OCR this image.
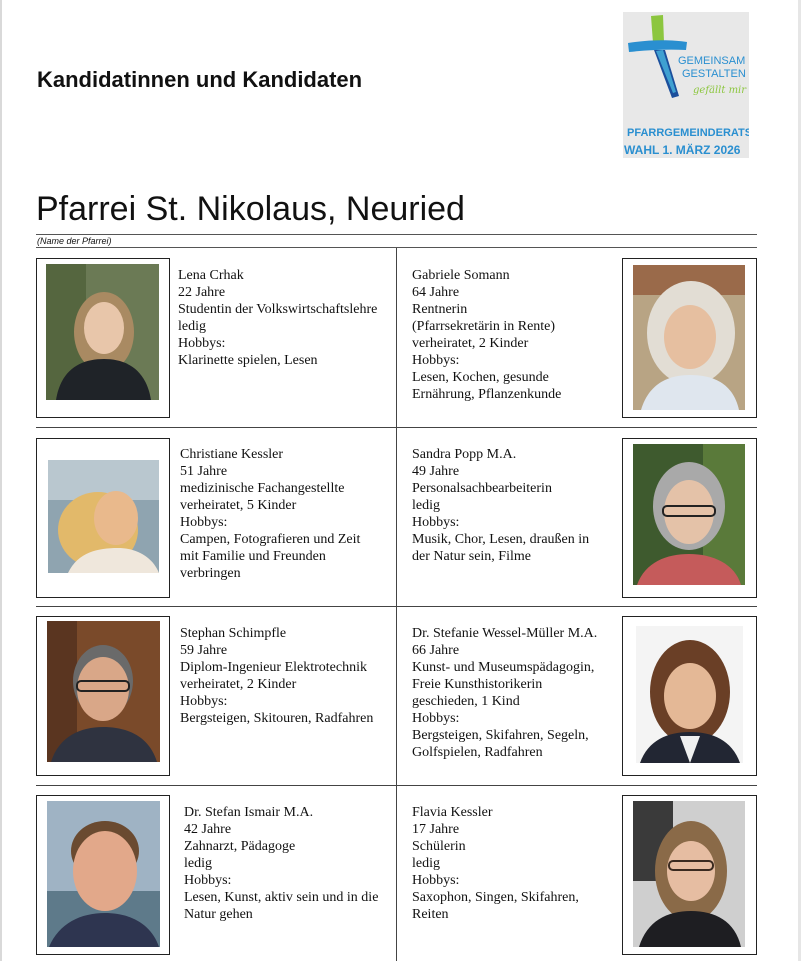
Kandidatinnen und Kandidaten
GEMEINSAM
GESTALTEN
gefällt mir
PFARRGEMEINDERATS-
WAHL 1. MÄRZ 2026
Pfarrei St. Nikolaus, Neuried
(Name der Pfarrei)
Lena Crhak
22 Jahre
Studentin der Volkswirtschaftslehre
ledig
Hobbys:
Klarinette spielen, Lesen
Gabriele Somann
64 Jahre
Rentnerin
(Pfarrsekretärin in Rente)
verheiratet, 2 Kinder
Hobbys:
Lesen, Kochen, gesunde
Ernährung, Pflanzenkunde
Christiane Kessler
51 Jahre
medizinische Fachangestellte
verheiratet, 5 Kinder
Hobbys:
Campen, Fotografieren und Zeit
mit Familie und Freunden
verbringen
Sandra Popp M.A.
49 Jahre
Personalsachbearbeiterin
ledig
Hobbys:
Musik, Chor, Lesen, draußen in
der Natur sein, Filme
Stephan Schimpfle
59 Jahre
Diplom-Ingenieur Elektrotechnik
verheiratet, 2 Kinder
Hobbys:
Bergsteigen, Skitouren, Radfahren
Dr. Stefanie Wessel-Müller M.A.
66 Jahre
Kunst- und Museumspädagogin,
Freie Kunsthistorikerin
geschieden, 1 Kind
Hobbys:
Bergsteigen, Skifahren, Segeln,
Golfspielen, Radfahren
Dr. Stefan Ismair M.A.
42 Jahre
Zahnarzt, Pädagoge
ledig
Hobbys:
Lesen, Kunst, aktiv sein und in die
Natur gehen
Flavia Kessler
17 Jahre
Schülerin
ledig
Hobbys:
Saxophon, Singen, Skifahren,
Reiten
